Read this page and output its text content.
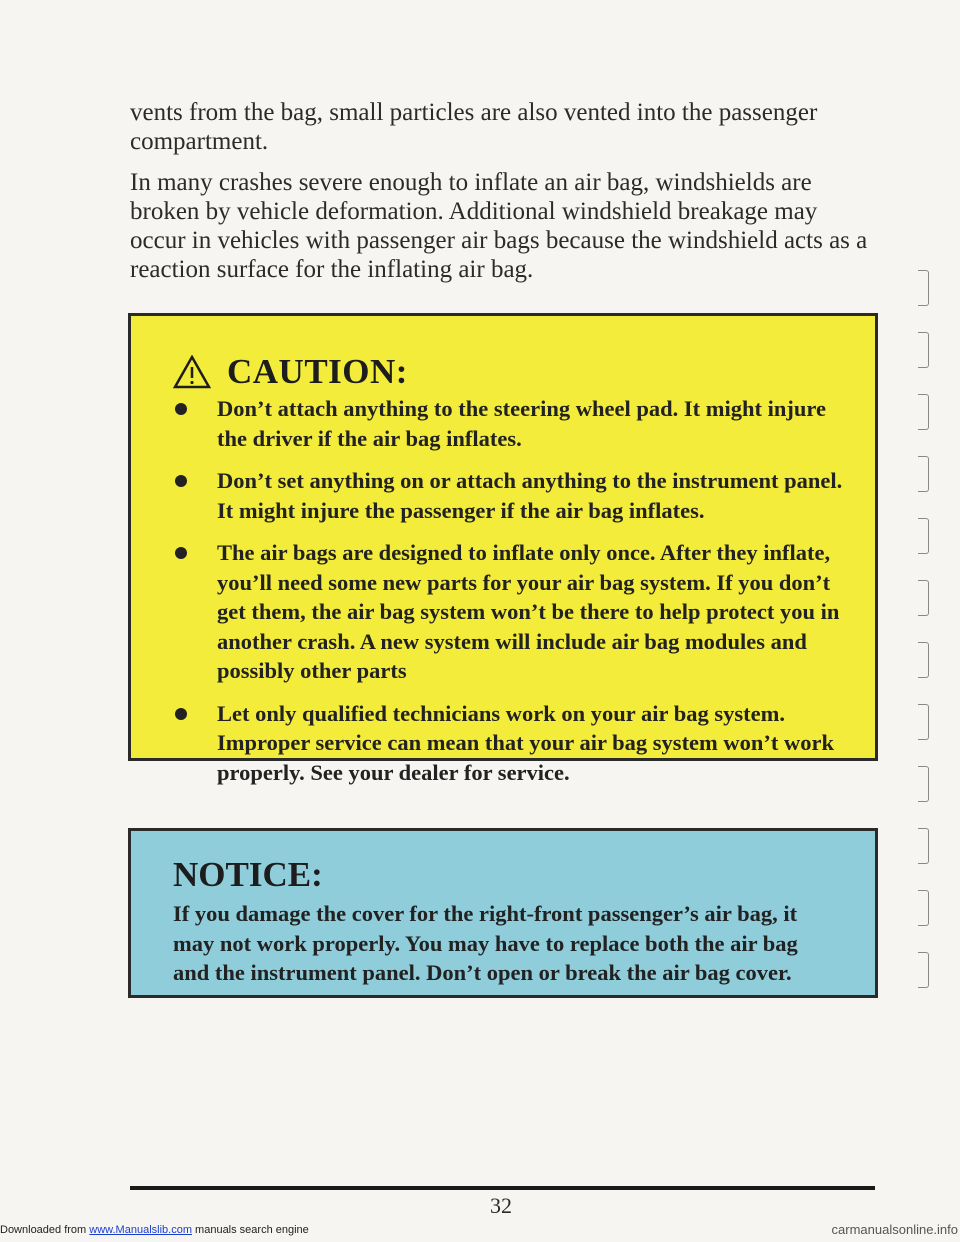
vents from the bag, small particles are also vented into the passenger compartment.

In many crashes severe enough to inflate an air bag, windshields are broken by vehicle deformation. Additional windshield breakage may occur in vehicles with passenger air bags because the windshield acts as a reaction surface for the inflating air bag.

CAUTION:
Don’t attach anything to the steering wheel pad. It might injure the driver if the air bag inflates.
Don’t set anything on or attach anything to the instrument panel. It might injure the passenger if the air bag inflates.
The air bags are designed to inflate only once. After they inflate, you’ll need some new parts for your air bag system. If you don’t get them, the air bag system won’t be there to help protect you in another crash. A new system will include air bag modules and possibly other parts
Let only qualified technicians work on your air bag system. Improper service can mean that your air bag system won’t work properly. See your dealer for service.
NOTICE:

If you damage the cover for the right-front passenger’s air bag, it may not work properly. You may have to replace both the air bag and the instrument panel. Don’t open or break the air bag cover.

32
Downloaded from www.Manualslib.com manuals search engine	carmanualsonline.info
